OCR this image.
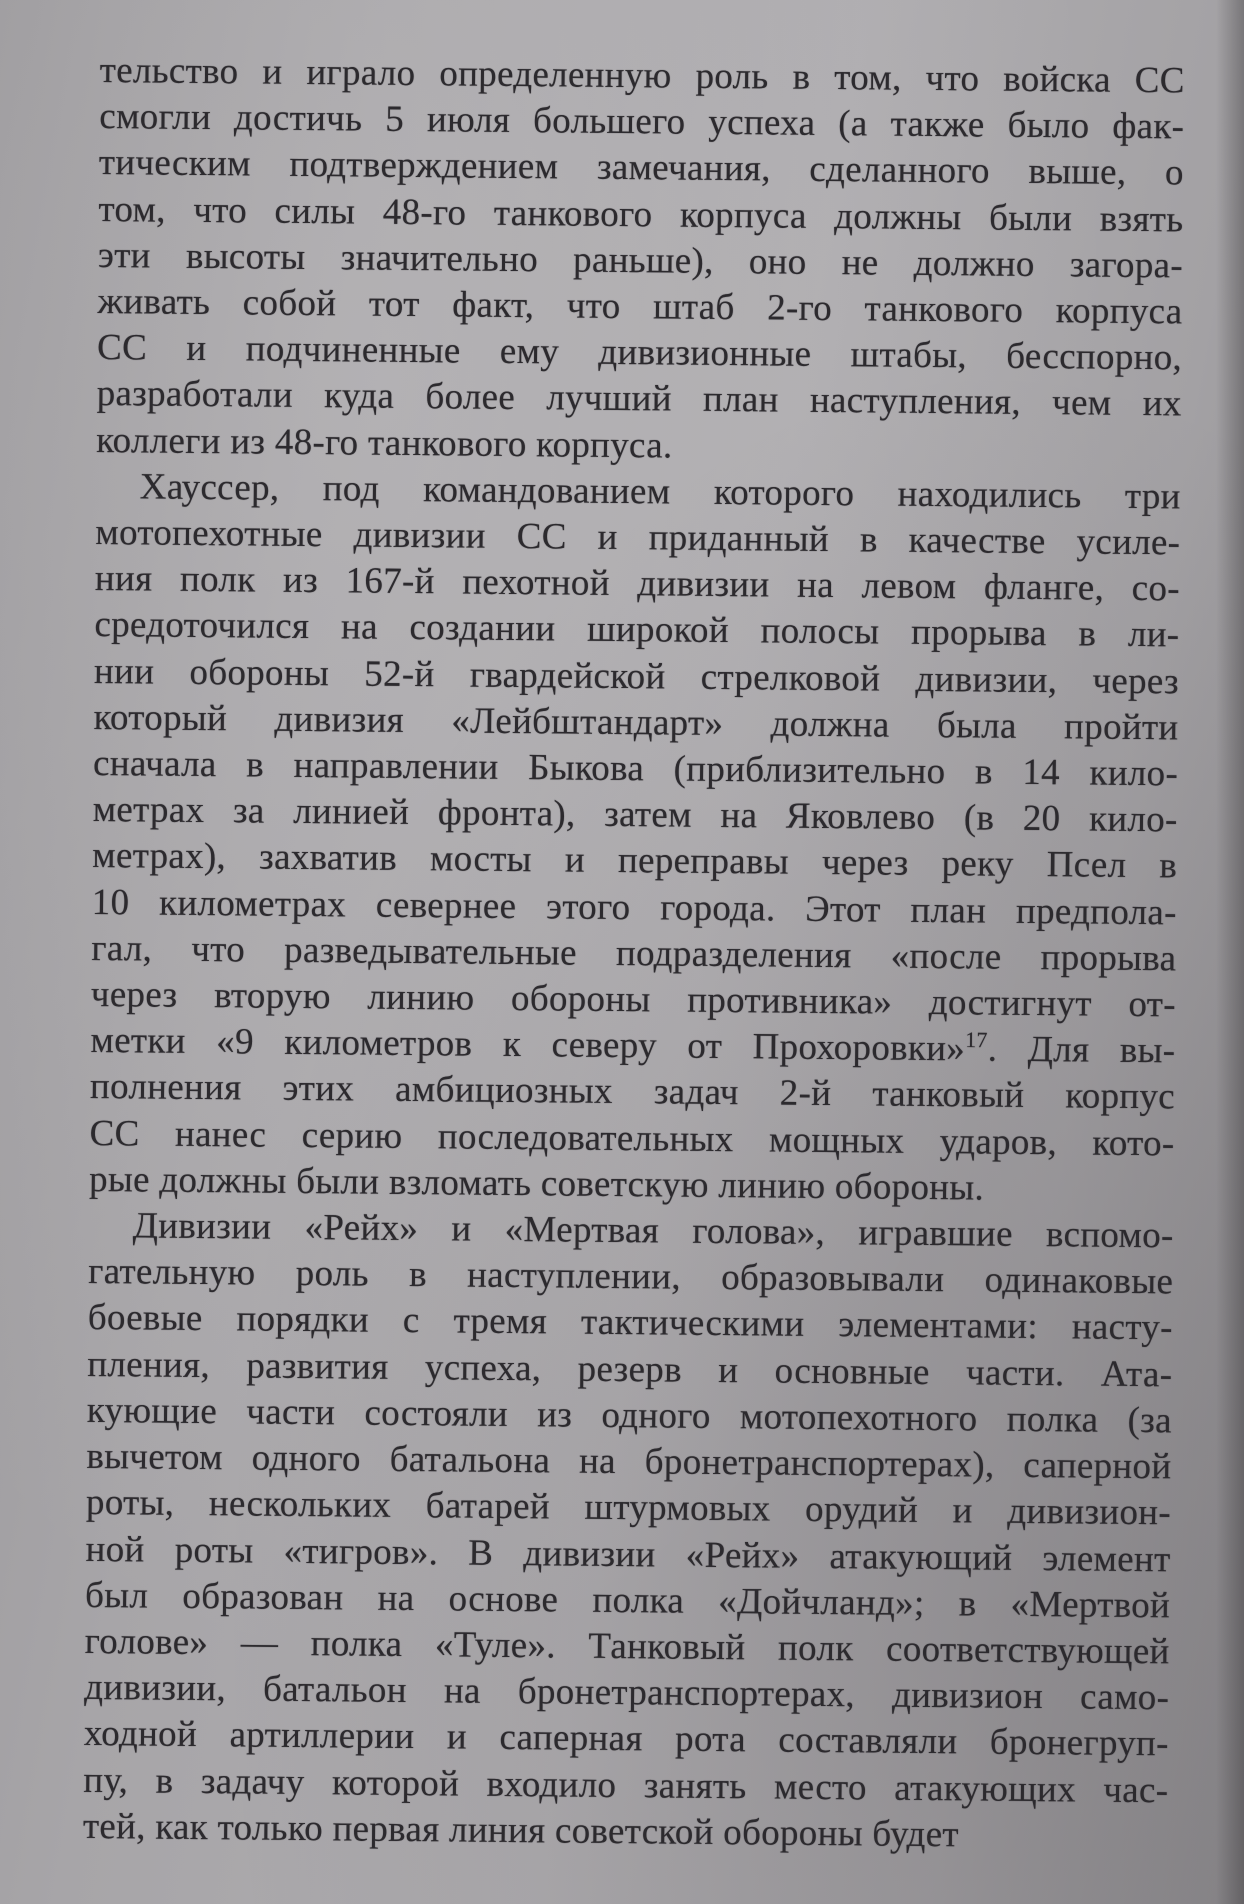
тельство и играло определенную роль в том, что войска СС
смогли достичь 5 июля большего успеха (а также было фак-
тическим подтверждением замечания, сделанного выше, о
том, что силы 48-го танкового корпуса должны были взять
эти высоты значительно раньше), оно не должно загора-
живать собой тот факт, что штаб 2-го танкового корпуса
СС и подчиненные ему дивизионные штабы, бесспорно,
разработали куда более лучший план наступления, чем их
коллеги из 48-го танкового корпуса.
Хауссер, под командованием которого находились три
мотопехотные дивизии СС и приданный в качестве усиле-
ния полк из 167-й пехотной дивизии на левом фланге, со-
средоточился на создании широкой полосы прорыва в ли-
нии обороны 52-й гвардейской стрелковой дивизии, через
который дивизия «Лейбштандарт» должна была пройти
сначала в направлении Быкова (приблизительно в 14 кило-
метрах за линией фронта), затем на Яковлево (в 20 кило-
метрах), захватив мосты и переправы через реку Псел в
10 километрах севернее этого города. Этот план предпола-
гал, что разведывательные подразделения «после прорыва
через вторую линию обороны противника» достигнут от-
метки «9 километров к северу от Прохоровки»$^{17}$. Для вы-
полнения этих амбициозных задач 2-й танковый корпус
СС нанес серию последовательных мощных ударов, кото-
рые должны были взломать советскую линию обороны.
Дивизии «Рейх» и «Мертвая голова», игравшие вспомо-
гательную роль в наступлении, образовывали одинаковые
боевые порядки с тремя тактическими элементами: насту-
пления, развития успеха, резерв и основные части. Ата-
кующие части состояли из одного мотопехотного полка (за
вычетом одного батальона на бронетранспортерах), саперной
роты, нескольких батарей штурмовых орудий и дивизион-
ной роты «тигров». В дивизии «Рейх» атакующий элемент
был образован на основе полка «Дойчланд»; в «Мертвой
голове» — полка «Туле». Танковый полк соответствующей
дивизии, батальон на бронетранспортерах, дивизион само-
ходной артиллерии и саперная рота составляли бронегруп-
пу, в задачу которой входило занять место атакующих час-
тей, как только первая линия советской обороны будет
